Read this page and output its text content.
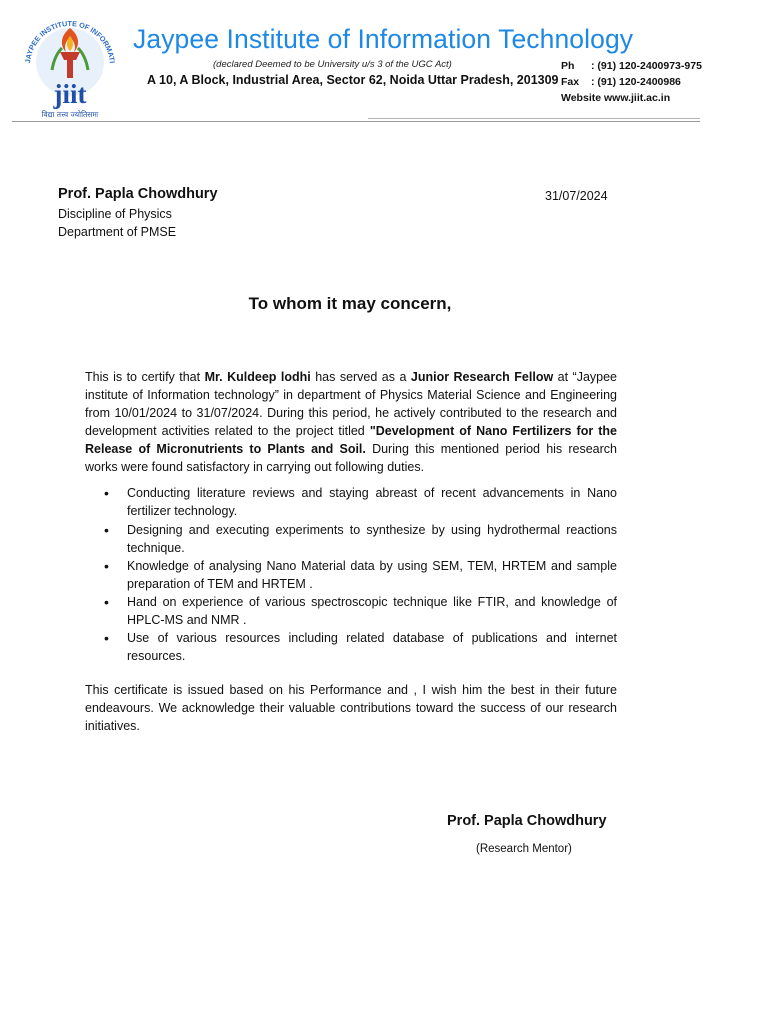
JAYPEE INSTITUTE OF INFORMATI
jiit
विद्या तत्त्व ज्योतिसमः
Jaypee Institute of Information Technology
(declared Deemed to be University u/s 3 of the UGC Act)
A 10, A Block, Industrial Area, Sector 62, Noida Uttar Pradesh, 201309
Ph : (91) 120-2400973-975
Fax : (91) 120-2400986
Website www.jiit.ac.in
Prof. Papla Chowdhury
Discipline of Physics
Department of PMSE
31/07/2024
To whom it may concern,
This is to certify that Mr. Kuldeep lodhi has served as a Junior Research Fellow at “Jaypee institute of Information technology” in department of Physics Material Science and Engineering from 10/01/2024 to 31/07/2024. During this period, he actively contributed to the research and development activities related to the project titled "Development of Nano Fertilizers for the Release of Micronutrients to Plants and Soil. During this mentioned period his research works were found satisfactory in carrying out following duties.
• Conducting literature reviews and staying abreast of recent advancements in Nano fertilizer technology.
• Designing and executing experiments to synthesize by using hydrothermal reactions technique.
• Knowledge of analysing Nano Material data by using SEM, TEM, HRTEM and sample preparation of TEM and HRTEM .
• Hand on experience of various spectroscopic technique like FTIR, and knowledge of HPLC-MS and NMR .
• Use of various resources including related database of publications and internet resources.
This certificate is issued based on his Performance and , I wish him the best in their future endeavours. We acknowledge their valuable contributions toward the success of our research initiatives.
Prof. Papla Chowdhury
(Research Mentor)
